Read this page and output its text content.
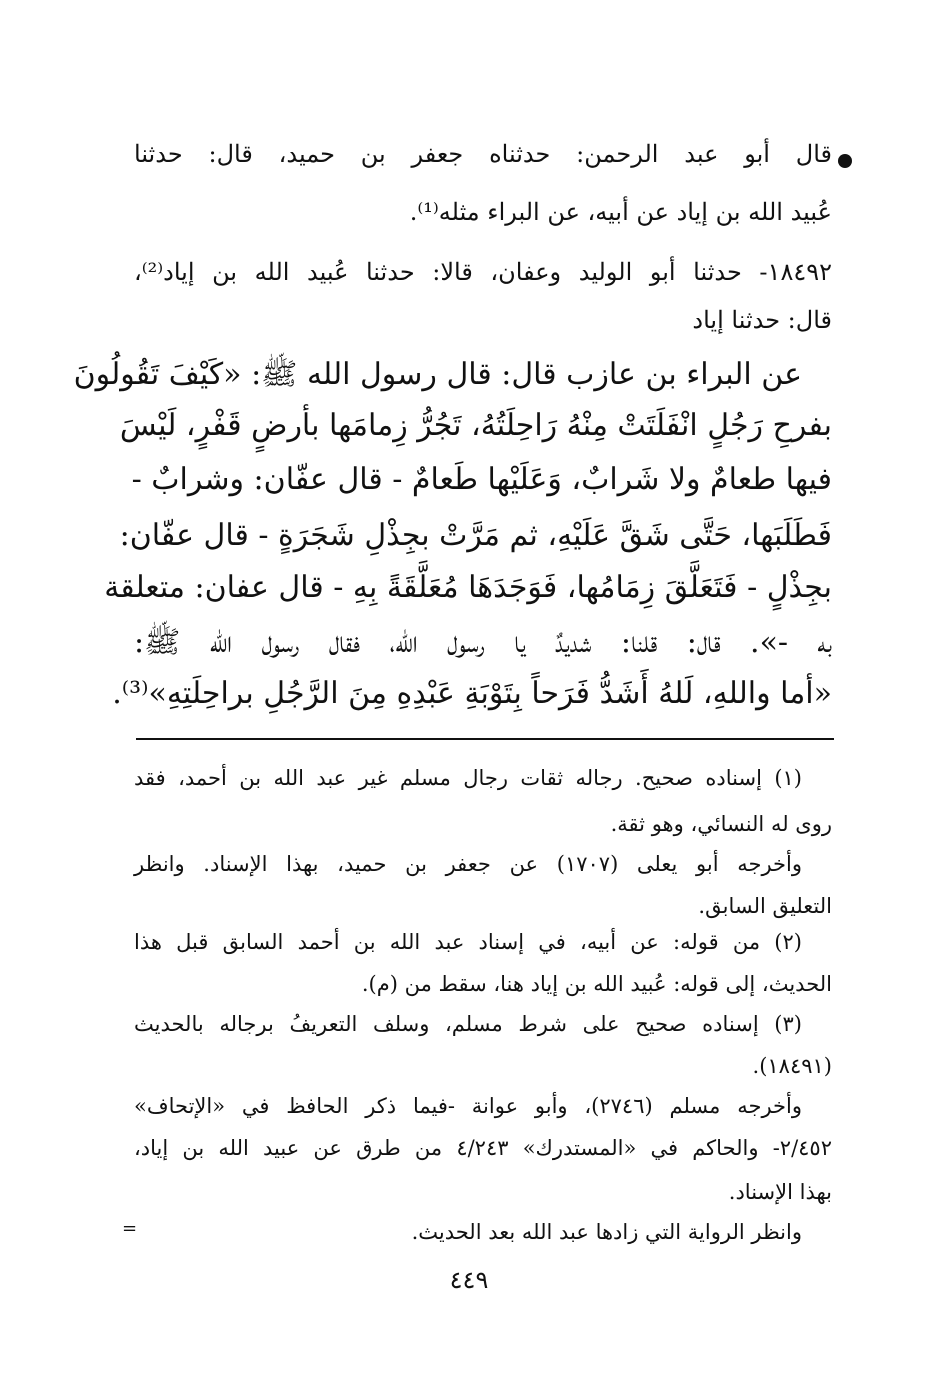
قال أبو عبد الرحمن: حدثناه جعفر بن حميد، قال: حدثنا
عُبيد الله بن إياد عن أبيه، عن البراء مثله⁽¹⁾.
١٨٤٩٢- حدثنا أبو الوليد وعفان، قالا: حدثنا عُبيد الله بن إياد⁽²⁾،
قال: حدثنا إياد
عن البراء بن عازب قال: قال رسول الله ﷺ: «كَيْفَ تَقُولُونَ
بفرحِ رَجُلٍ انْفَلَتَتْ مِنْهُ رَاحِلَتُهُ، تَجُرُّ زِمامَها بأرضٍ قَفْرٍ، لَيْسَ
فيها طعامٌ ولا شَرابٌ، وَعَلَيْها طَعامٌ - قال عفّان: وشرابٌ -
فَطَلَبَها، حَتَّى شَقَّ عَلَيْهِ، ثم مَرَّتْ بجِذْلِ شَجَرَةٍ - قال عفّان:
بجِذْلٍ - فَتَعَلَّقَ زِمَامُها، فَوَجَدَهَا مُعَلَّقَةً بِهِ - قال عفان: متعلقة
به -». قال: قلنا: شديدٌ يا رسول الله، فقال رسول الله ﷺ:
«أما واللهِ، لَلهُ أَشَدُّ فَرَحاً بِتَوْبَةِ عَبْدِهِ مِنَ الرَّجُلِ براحِلَتِهِ»⁽³⁾.
(١) إسناده صحيح. رجاله ثقات رجال مسلم غير عبد الله بن أحمد، فقد
روى له النسائي، وهو ثقة.
وأخرجه أبو يعلى (١٧٠٧) عن جعفر بن حميد، بهذا الإسناد. وانظر
التعليق السابق.
(٢) من قوله: عن أبيه، في إسناد عبد الله بن أحمد السابق قبل هذا
الحديث، إلى قوله: عُبيد الله بن إياد هنا، سقط من (م).
(٣) إسناده صحيح على شرط مسلم، وسلف التعريفُ برجاله بالحديث
(١٨٤٩١).
وأخرجه مسلم (٢٧٤٦)، وأبو عوانة -فيما ذكر الحافظ في «الإتحاف»
٢/٤٥٢- والحاكم في «المستدرك» ٤/٢٤٣ من طرق عن عبيد الله بن إياد،
بهذا الإسناد.
وانظر الرواية التي زادها عبد الله بعد الحديث.
=
٤٤٩
